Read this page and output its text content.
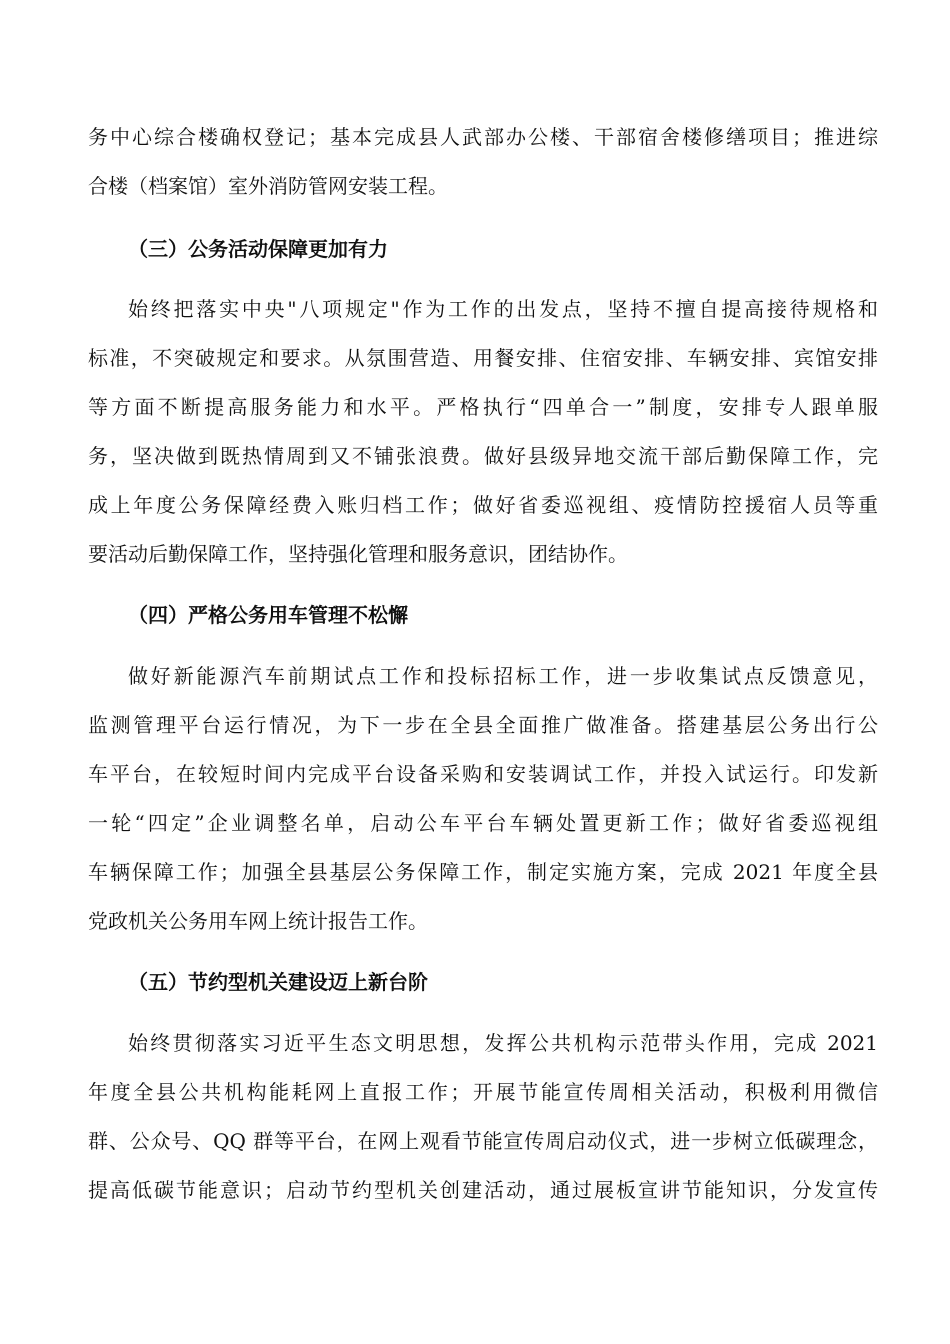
务中心综合楼确权登记；基本完成县人武部办公楼、干部宿舍楼修缮项目；推进综
合楼（档案馆）室外消防管网安装工程。
（三）公务活动保障更加有力
始终把落实中央"八项规定"作为工作的出发点，坚持不擅自提高接待规格和
标准，不突破规定和要求。从氛围营造、用餐安排、住宿安排、车辆安排、宾馆安排
等方面不断提高服务能力和水平。严格执行“四单合一”制度，安排专人跟单服
务，坚决做到既热情周到又不铺张浪费。做好县级异地交流干部后勤保障工作，完
成上年度公务保障经费入账归档工作；做好省委巡视组、疫情防控援宿人员等重
要活动后勤保障工作，坚持强化管理和服务意识，团结协作。
（四）严格公务用车管理不松懈
做好新能源汽车前期试点工作和投标招标工作，进一步收集试点反馈意见，
监测管理平台运行情况，为下一步在全县全面推广做准备。搭建基层公务出行公
车平台，在较短时间内完成平台设备采购和安装调试工作，并投入试运行。印发新
一轮“四定”企业调整名单，启动公车平台车辆处置更新工作；做好省委巡视组
车辆保障工作；加强全县基层公务保障工作，制定实施方案，完成 2021 年度全县
党政机关公务用车网上统计报告工作。
（五）节约型机关建设迈上新台阶
始终贯彻落实习近平生态文明思想，发挥公共机构示范带头作用，完成 2021
年度全县公共机构能耗网上直报工作；开展节能宣传周相关活动，积极利用微信
群、公众号、QQ 群等平台，在网上观看节能宣传周启动仪式，进一步树立低碳理念，
提高低碳节能意识；启动节约型机关创建活动，通过展板宣讲节能知识，分发宣传
